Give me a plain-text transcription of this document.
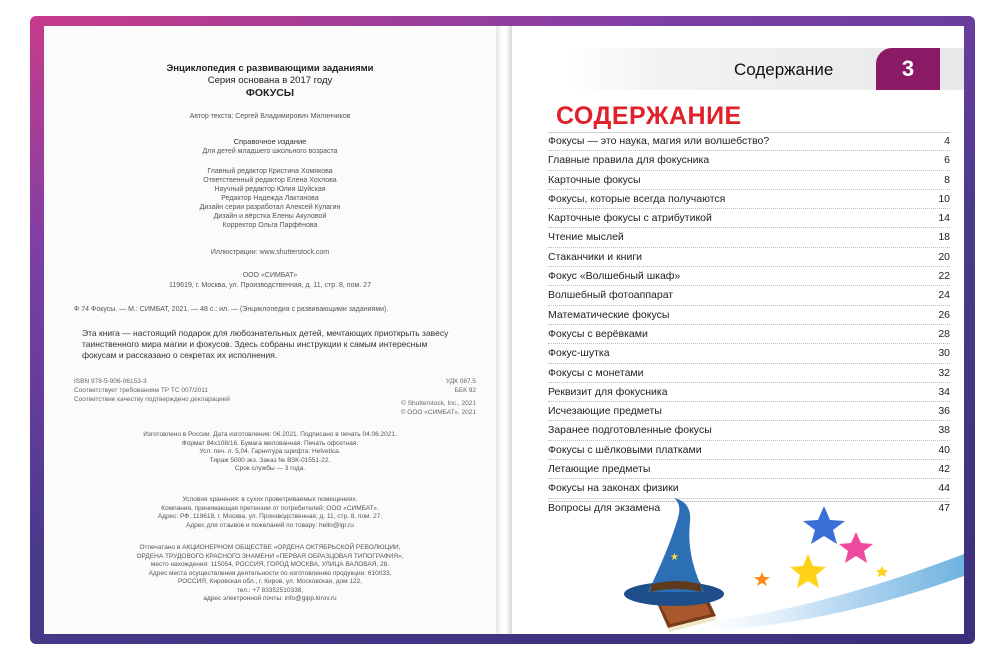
Энциклопедия с развивающими заданиями
Серия основана в 2017 году
ФОКУСЫ
Автор текста: Сергей Владимирович Милянчиков
Справочное издание
Для детей младшего школьного возраста
Главный редактор Кристина Хомякова
Ответственный редактор Елена Хохлова
Научный редактор Юлия Шуйская
Редактор Надежда Лактанова
Дизайн серии разработал Алексей Кулагин
Дизайн и вёрстка Елены Акуловой
Корректор Ольга Парфёнова
Иллюстрации: www.shutterstock.com
ООО «СИМБАТ»
119619, г. Москва, ул. Производственная, д. 11, стр. 8, пом. 27
Ф 74 Фокусы. — М.: СИМБАТ, 2021. — 48 с.: ил. — (Энциклопедия с развивающими заданиями).
Эта книга — настоящий подарок для любознательных детей, мечтающих приоткрыть завесу таинственного мира магии и фокусов. Здесь собраны инструкции к самым интересным фокусам и рассказано о секретах их исполнения.
ISBN 978-5-906-06153-3
Соответствует требованиям ТР ТС 007/2011
Соответствие качеству подтверждено декларацией
УДК 087.5
ББК 92
© Shutterstock, Inc., 2021
© ООО «СИМБАТ», 2021
Изготовлено в России. Дата изготовления: 06.2021. Подписано в печать 04.06.2021.
Формат 84x108/16. Бумага мелованная. Печать офсетная.
Усл. печ. л. 5,04. Гарнитура шрифта: Helvetica.
Тираж 5000 экз. Заказ № ВЗК-01551-22.
Срок службы — 3 года.
Условия хранения: в сухих проветриваемых помещениях.
Компания, принимающая претензии от потребителей: ООО «СИМБАТ».
Адрес: РФ, 119619, г. Москва, ул. Производственная, д. 11, стр. 8, пом. 27.
Адрес для отзывов и пожеланий по товару: hello@igr.ru
Отпечатано в АКЦИОНЕРНОМ ОБЩЕСТВЕ «ОРДЕНА ОКТЯБРЬСКОЙ РЕВОЛЮЦИИ,
ОРДЕНА ТРУДОВОГО КРАСНОГО ЗНАМЕНИ «ПЕРВАЯ ОБРАЗЦОВАЯ ТИПОГРАФИЯ»,
место нахождения: 115054, РОССИЯ, ГОРОД МОСКВА, УЛИЦА ВАЛОВАЯ, 28.
Адрес места осуществления деятельности по изготовлению продукции: 610033,
РОССИЯ, Кировская обл., г. Киров, ул. Московская, дом 122,
тел.: +7 83352510338,
адрес электронной почты: info@gipp.kirov.ru
Содержание	3
СОДЕРЖАНИЕ
Фокусы — это наука, магия или волшебство?	4
Главные правила для фокусника	6
Карточные фокусы	8
Фокусы, которые всегда получаются	10
Карточные фокусы с атрибутикой	14
Чтение мыслей	18
Стаканчики и книги	20
Фокус «Волшебный шкаф»	22
Волшебный фотоаппарат	24
Математические фокусы	26
Фокусы с верёвками	28
Фокус-шутка	30
Фокусы с монетами	32
Реквизит для фокусника	34
Исчезающие предметы	36
Заранее подготовленные фокусы	38
Фокусы с шёлковыми платками	40
Летающие предметы	42
Фокусы на законах физики	44
Вопросы для экзамена	47
★
